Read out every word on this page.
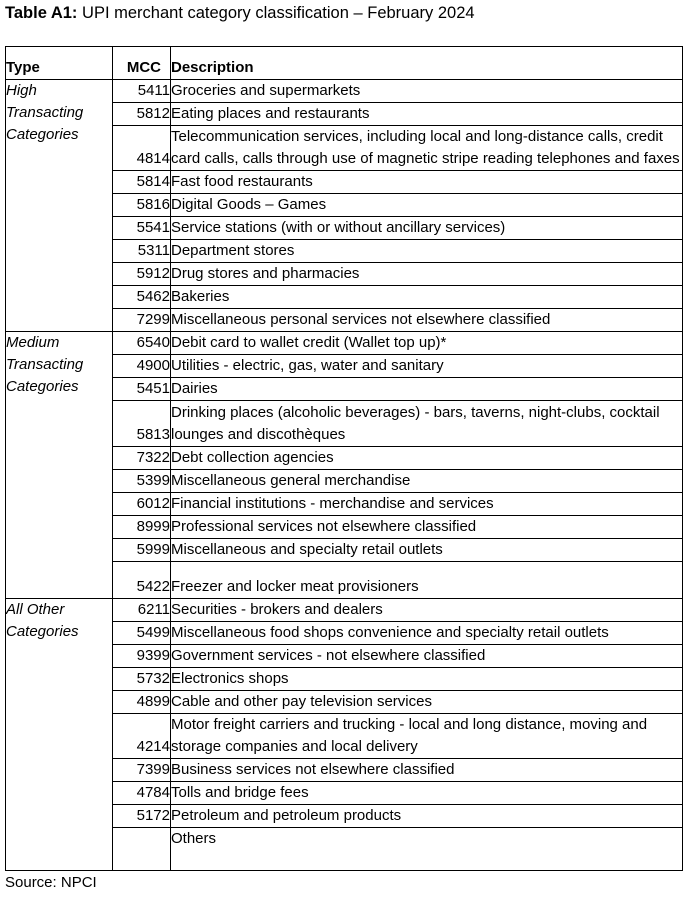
Table A1: UPI merchant category classification – February 2024
Type	MCC	Description
High Transacting Categories	5411	Groceries and supermarkets
	5812	Eating places and restaurants
	4814	Telecommunication services, including local and long-distance calls, credit card calls, calls through use of magnetic stripe reading telephones and faxes
	5814	Fast food restaurants
	5816	Digital Goods – Games
	5541	Service stations (with or without ancillary services)
	5311	Department stores
	5912	Drug stores and pharmacies
	5462	Bakeries
	7299	Miscellaneous personal services not elsewhere classified
Medium Transacting Categories	6540	Debit card to wallet credit (Wallet top up)*
	4900	Utilities - electric, gas, water and sanitary
	5451	Dairies
	5813	Drinking places (alcoholic beverages) - bars, taverns, night-clubs, cocktail lounges and discothèques
	7322	Debt collection agencies
	5399	Miscellaneous general merchandise
	6012	Financial institutions - merchandise and services
	8999	Professional services not elsewhere classified
	5999	Miscellaneous and specialty retail outlets
	5422	Freezer and locker meat provisioners
All Other Categories	6211	Securities - brokers and dealers
	5499	Miscellaneous food shops convenience and specialty retail outlets
	9399	Government services - not elsewhere classified
	5732	Electronics shops
	4899	Cable and other pay television services
	4214	Motor freight carriers and trucking - local and long distance, moving and storage companies and local delivery
	7399	Business services not elsewhere classified
	4784	Tolls and bridge fees
	5172	Petroleum and petroleum products
		Others
Source: NPCI
